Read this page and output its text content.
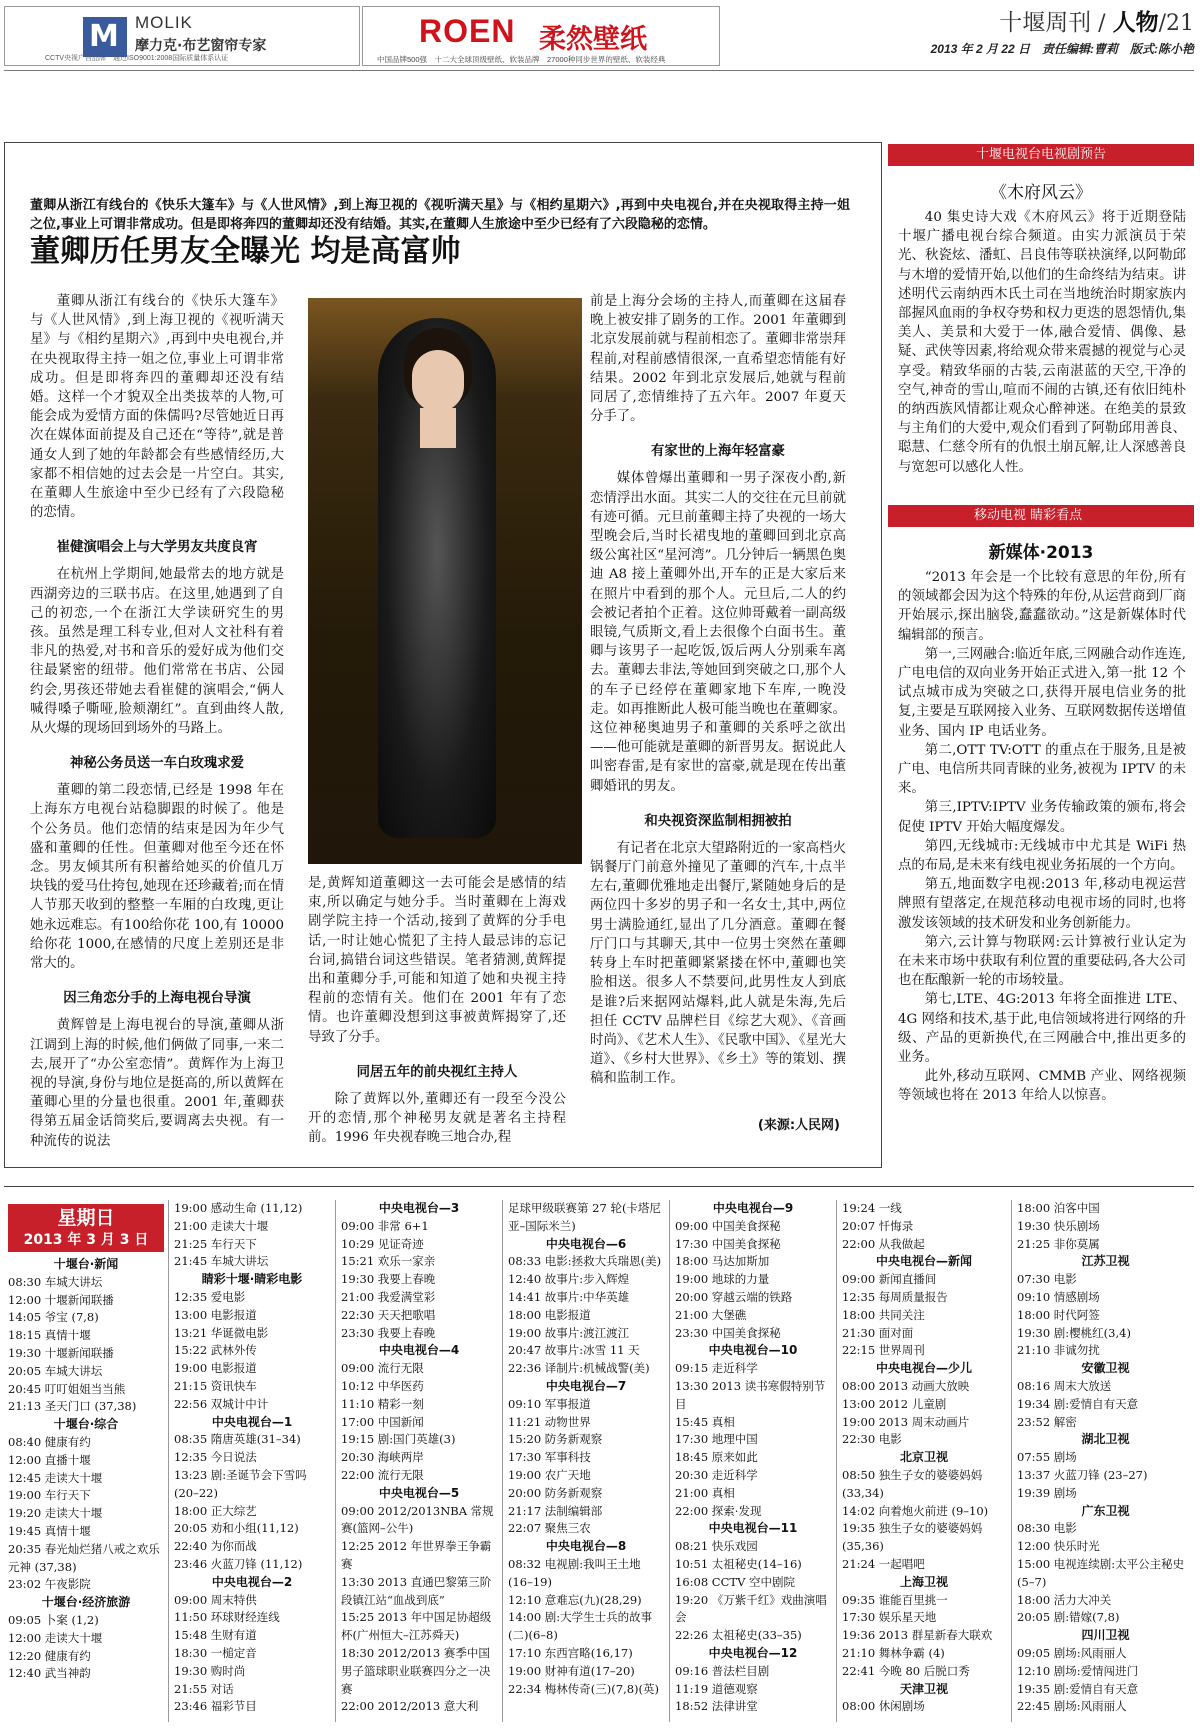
M MOLIK
摩力克·布艺窗帘专家
CCTV央视广告品牌　通过ISO9001:2008国际质量体系认证
ROEN 柔然壁纸
中国品牌500强　十二大全球顶级壁纸、软装品牌　27000种同步世界的壁纸、软装经典
十堰周刊 / 人物/21
2013 年 2 月 22 日　责任编辑:曹莉　版式:陈小艳
董卿从浙江有线台的《快乐大篷车》与《人世风情》,到上海卫视的《视听满天星》与《相约星期六》,再到中央电视台,并在央视取得主持一姐之位,事业上可谓非常成功。但是即将奔四的董卿却还没有结婚。其实,在董卿人生旅途中至少已经有了六段隐秘的恋情。
董卿历任男友全曝光 均是高富帅

董卿从浙江有线台的《快乐大篷车》与《人世风情》,到上海卫视的《视听满天星》与《相约星期六》,再到中央电视台,并在央视取得主持一姐之位,事业上可谓非常成功。但是即将奔四的董卿却还没有结婚。这样一个才貌双全出类拔萃的人物,可能会成为爱情方面的侏儒吗?尽管她近日再次在媒体面前提及自己还在“等待”,就是普通女人到了她的年龄都会有些感情经历,大家都不相信她的过去会是一片空白。其实,在董卿人生旅途中至少已经有了六段隐秘的恋情。

崔健演唱会上与大学男友共度良宵

在杭州上学期间,她最常去的地方就是西湖旁边的三联书店。在这里,她遇到了自己的初恋,一个在浙江大学读研究生的男孩。虽然是理工科专业,但对人文社科有着非凡的热爱,对书和音乐的爱好成为他们交往最紧密的纽带。他们常常在书店、公园约会,男孩还带她去看崔健的演唱会,“俩人喊得嗓子嘶哑,脸颊潮红”。直到曲终人散,从火爆的现场回到场外的马路上。

神秘公务员送一车白玫瑰求爱

董卿的第二段恋情,已经是 1998 年在上海东方电视台站稳脚跟的时候了。他是个公务员。他们恋情的结束是因为年少气盛和董卿的任性。但董卿对他至今还在怀念。男友倾其所有积蓄给她买的价值几万块钱的爱马仕挎包,她现在还珍藏着;而在情人节那天收到的整整一车厢的白玫瑰,更让她永远难忘。有100给你花 100,有 10000 给你花 1000,在感情的尺度上差别还是非常大的。

因三角恋分手的上海电视台导演

黄辉曾是上海电视台的导演,董卿从浙江调到上海的时候,他们俩做了同事,一来二去,展开了“办公室恋情”。黄辉作为上海卫视的导演,身份与地位是挺高的,所以黄辉在董卿心里的分量也很重。2001 年,董卿获得第五届金话筒奖后,要调离去央视。有一种流传的说法

是,黄辉知道董卿这一去可能会是感情的结束,所以确定与她分手。当时董卿在上海戏剧学院主持一个活动,接到了黄辉的分手电话,一时让她心慌犯了主持人最忌讳的忘记台词,搞错台词这些错误。笔者猜测,黄辉提出和董卿分手,可能和知道了她和央视主持程前的恋情有关。他们在 2001 年有了恋情。也许董卿没想到这事被黄辉揭穿了,还导致了分手。

同居五年的前央视红主持人

除了黄辉以外,董卿还有一段至今没公开的恋情,那个神秘男友就是著名主持程前。1996 年央视春晚三地合办,程

前是上海分会场的主持人,而董卿在这届春晚上被安排了剧务的工作。2001 年董卿到北京发展前就与程前相恋了。董卿非常崇拜程前,对程前感情很深,一直希望恋情能有好结果。2002 年到北京发展后,她就与程前同居了,恋情维持了五六年。2007 年夏天分手了。

有家世的上海年轻富豪

媒体曾爆出董卿和一男子深夜小酌,新恋情浮出水面。其实二人的交往在元旦前就有迹可循。元旦前董卿主持了央视的一场大型晚会后,当时长裙曳地的董卿回到北京高级公寓社区“星河湾”。几分钟后一辆黑色奥迪 A8 接上董卿外出,开车的正是大家后来在照片中看到的那个人。元旦后,二人的约会被记者拍个正着。这位帅哥戴着一副高级眼镜,气质斯文,看上去很像个白面书生。董卿与该男子一起吃饭,饭后两人分别乘车离去。董卿去非法,等她回到突破之口,那个人的车子已经停在董卿家地下车库,一晚没走。如再推断此人极可能当晚也在董卿家。这位神秘奥迪男子和董卿的关系呼之欲出——他可能就是董卿的新晋男友。据说此人叫密春雷,是有家世的富豪,就是现在传出董卿婚讯的男友。

和央视资深监制相拥被拍

有记者在北京大望路附近的一家高档火锅餐厅门前意外撞见了董卿的汽车,十点半左右,董卿优雅地走出餐厅,紧随她身后的是两位四十多岁的男子和一名女士,其中,两位男士满脸通红,显出了几分酒意。董卿在餐厅门口与其聊天,其中一位男士突然在董卿转身上车时把董卿紧紧搂在怀中,董卿也笑脸相送。很多人不禁要问,此男性友人到底是谁?后来据网站爆料,此人就是朱海,先后担任 CCTV 品牌栏目《综艺大观》、《音画时尚》、《艺术人生》、《民歌中国》、《星光大道》、《乡村大世界》、《乡土》等的策划、撰稿和监制工作。

(来源:人民网)
十堰电视台电视剧预告
《木府风云》

40 集史诗大戏《木府风云》将于近期登陆十堰广播电视台综合频道。由实力派演员于荣光、秋瓷炫、潘虹、吕良伟等联袂演绎,以阿勒邱与木增的爱情开始,以他们的生命终结为结束。讲述明代云南纳西木氏土司在当地统治时期家族内部握风血雨的争权夺势和权力更迭的恩怨情仇,集美人、美景和大爱于一体,融合爱情、偶像、悬疑、武侠等因素,将给观众带来震撼的视觉与心灵享受。精致华丽的古装,云南湛蓝的天空,干净的空气,神奇的雪山,喧而不闹的古镇,还有依旧纯朴的纳西族风情都让观众心醉神迷。在绝美的景致与主角们的大爱中,观众们看到了阿勒邱用善良、聪慧、仁慈令所有的仇恨土崩瓦解,让人深感善良与宽恕可以感化人性。

移动电视 睛彩看点
新媒体·2013

“2013 年会是一个比较有意思的年份,所有的领域都会因为这个特殊的年份,从运营商到厂商开始展示,探出脑袋,蠢蠢欲动。”这是新媒体时代编辑部的预言。

第一,三网融合:临近年底,三网融合动作连连,广电电信的双向业务开始正式进入,第一批 12 个试点城市成为突破之口,获得开展电信业务的批复,主要是互联网接入业务、互联网数据传送增值业务、国内 IP 电话业务。

第二,OTT TV:OTT 的重点在于服务,且是被广电、电信所共同青睐的业务,被视为 IPTV 的未来。

第三,IPTV:IPTV 业务传输政策的颁布,将会促使 IPTV 开始大幅度爆发。

第四,无线城市:无线城市中尤其是 WiFi 热点的布局,是未来有线电视业务拓展的一个方向。

第五,地面数字电视:2013 年,移动电视运营牌照有望落定,在规范移动电视市场的同时,也将激发该领域的技术研发和业务创新能力。

第六,云计算与物联网:云计算被行业认定为在未来市场中获取有利位置的重要砝码,各大公司也在酝酿新一轮的市场较量。

第七,LTE、4G:2013 年将全面推进 LTE、4G 网络和技术,基于此,电信领域将进行网络的升级、产品的更新换代,在三网融合中,推出更多的业务。

此外,移动互联网、CMMB 产业、网络视频等领域也将在 2013 年给人以惊喜。

星期日
2013 年 3 月 3 日
十堰台·新闻
08:30 车城大讲坛
12:00 十堰新闻联播
14:05 爷宝 (7,8)
18:15 真情十堰
19:30 十堰新闻联播
20:05 车城大讲坛
20:45 叮叮姐姐当当熊
21:13 圣天门口 (37,38)
十堰台·综合
08:40 健康有约
12:00 直播十堰
12:45 走读大十堰
19:00 车行天下
19:20 走读大十堰
19:45 真情十堰
20:35 春光灿烂猪八戒之欢乐元神 (37,38)
23:02 午夜影院
十堰台·经济旅游
09:05 卜案 (1,2)
12:00 走读大十堰
12:20 健康有约
12:40 武当神韵
19:00 感动生命 (11,12)
21:00 走读大十堰
21:25 车行天下
21:45 车城大讲坛
睛彩十堰·睛彩电影
12:35 爱电影
13:00 电影报道
13:21 华诞微电影
15:22 武林外传
19:00 电影报道
21:15 资讯快车
22:56 双城计中计
中央电视台—1
08:35 隋唐英雄(31–34)
12:35 今日说法
13:23 剧:圣诞节会下雪吗(20–22)
18:00 正大综艺
20:05 劝和小组(11,12)
22:40 为你而战
23:46 火蓝刀锋 (11,12)
中央电视台—2
09:00 周末特供
11:50 环球财经连线
15:48 生财有道
18:30 一槌定音
19:30 购时尚
21:55 对话
23:46 福彩节目
中央电视台—3
09:00 非常 6+1
10:29 见证奇迹
15:21 欢乐一家亲
19:30 我要上春晚
21:00 我爱满堂彩
22:30 天天把歌唱
23:30 我要上春晚
中央电视台—4
09:00 流行无限
10:12 中华医药
11:10 精彩一刻
17:00 中国新闻
19:15 剧:国门英雄(3)
20:30 海峡两岸
22:00 流行无限
中央电视台—5
09:00 2012/2013NBA 常规赛(篮网–公牛)
12:25 2012 年世界拳王争霸赛
13:30 2013 直通巴黎第三阶段镇江站“血战到底”
15:25 2013 年中国足协超级杯(广州恒大–江苏舜天)
18:30 2012/2013 赛季中国男子篮球职业联赛四分之一决赛
22:00 2012/2013 意大利
足球甲级联赛第 27 轮(卡塔尼亚–国际米兰)
中央电视台—6
08:33 电影:拯救大兵瑞恩(美)
12:40 故事片:步入辉煌
14:41 故事片:中华英雄
18:00 电影报道
19:00 故事片:渡江渡江
20:47 故事片:冰雪 11 天
22:36 译制片:机械战警(美)
中央电视台—7
09:10 军事报道
11:21 动物世界
15:20 防务新观察
17:30 军事科技
19:00 农广天地
20:00 防务新观察
21:17 法制编辑部
22:07 聚焦三农
中央电视台—8
08:32 电视剧:我叫王土地(16–19)
12:10 意难忘(九)(28,29)
14:00 剧:大学生士兵的故事(二)(6–8)
17:10 东西宫略(16,17)
19:00 财神有道(17–20)
22:34 梅林传奇(三)(7,8)(英)
中央电视台—9
09:00 中国美食探秘
17:30 中国美食探秘
18:00 马达加斯加
19:00 地球的力量
20:00 穿越云端的铁路
21:00 大堡礁
23:30 中国美食探秘
中央电视台—10
09:15 走近科学
13:30 2013 读书寒假特别节目
15:45 真相
17:30 地理中国
18:45 原来如此
20:30 走近科学
21:00 真相
22:00 探索·发现
中央电视台—11
08:21 快乐戏园
10:51 太祖秘史(14–16)
16:08 CCTV 空中剧院
19:20 《万紫千红》戏曲演唱会
22:26 太祖秘史(33–35)
中央电视台—12
09:16 普法栏目剧
11:19 道德观察
18:52 法律讲堂
19:24 一线
20:07 忏悔录
22:00 从我做起
中央电视台—新闻
09:00 新闻直播间
12:35 每周质量报告
18:00 共同关注
21:30 面对面
22:15 世界周刊
中央电视台—少儿
08:00 2013 动画大放映
13:00 2012 儿童剧
19:00 2013 周末动画片
22:30 电影
北京卫视
08:50 独生子女的婆婆妈妈 (33,34)
14:02 向着炮火前进 (9–10)
19:35 独生子女的婆婆妈妈 (35,36)
21:24 一起唱吧
上海卫视
09:35 谁能百里挑一
17:30 娱乐星天地
19:36 2013 群星新春大联欢
21:10 舞林争霸 (4)
22:41 今晚 80 后脱口秀
天津卫视
08:00 休闲剧场
18:00 泊客中国
19:30 快乐剧场
21:25 非你莫属
江苏卫视
07:30 电影
09:10 情感剧场
18:00 时代阿签
19:30 剧:樱桃红(3,4)
21:10 非诚勿扰
安徽卫视
08:16 周末大放送
19:34 剧:爱情自有天意
23:52 解密
湖北卫视
07:55 剧场
13:37 火蓝刀锋 (23–27)
19:39 剧场
广东卫视
08:30 电影
12:00 快乐时光
15:00 电视连续剧:太平公主秘史(5–7)
18:00 活力大冲关
20:05 剧:错嫁(7,8)
四川卫视
09:05 剧场:风雨丽人
12:10 剧场:爱情闯进门
19:35 剧:爱情自有天意
22:45 剧场:风雨丽人
